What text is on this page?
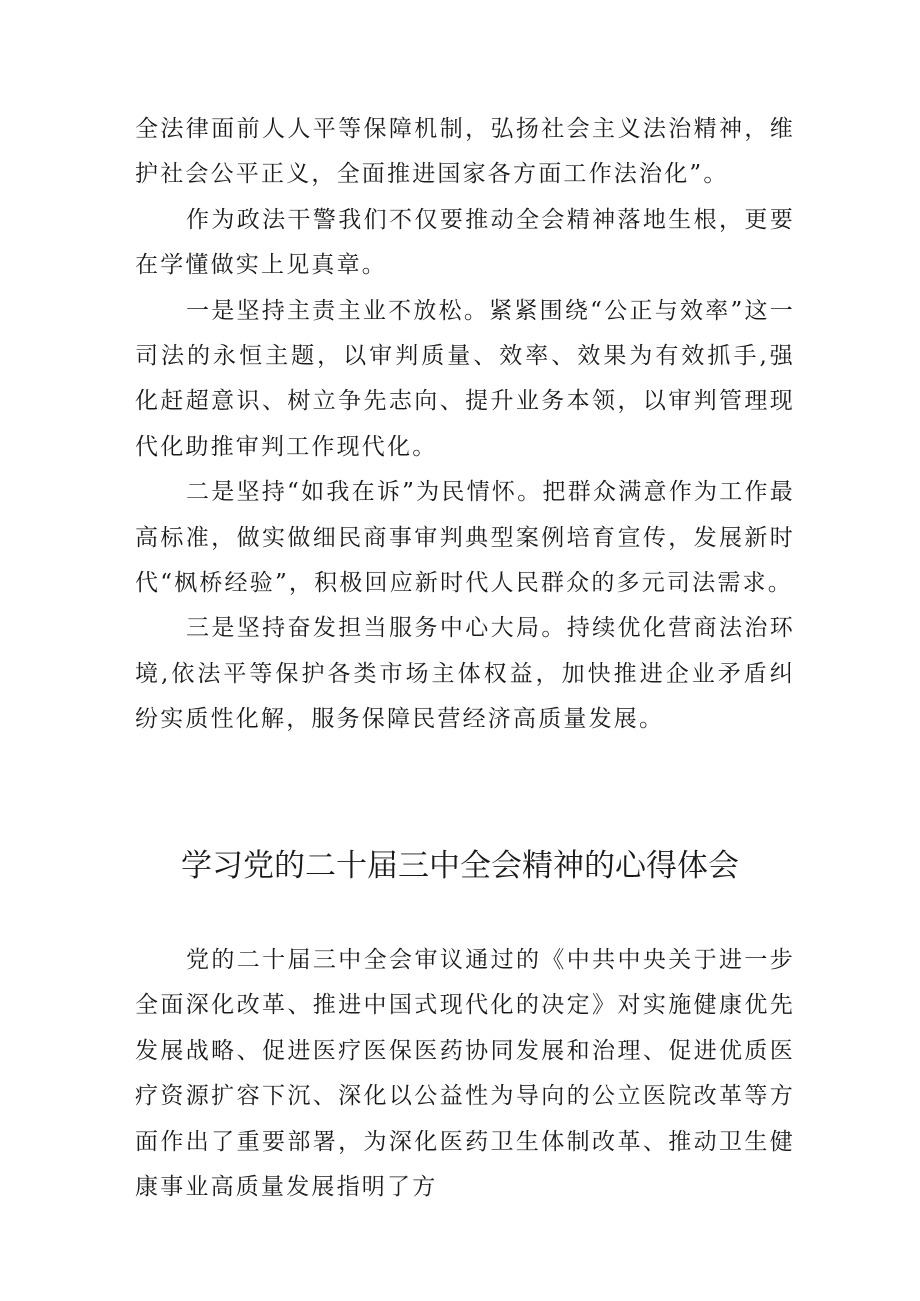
全法律面前人人平等保障机制，弘扬社会主义法治精神，维护社会公平正义，全面推进国家各方面工作法治化”。

作为政法干警我们不仅要推动全会精神落地生根，更要在学懂做实上见真章。

一是坚持主责主业不放松。紧紧围绕“公正与效率”这一司法的永恒主题，以审判质量、效率、效果为有效抓手,强化赶超意识、树立争先志向、提升业务本领，以审判管理现代化助推审判工作现代化。

二是坚持“如我在诉”为民情怀。把群众满意作为工作最高标准，做实做细民商事审判典型案例培育宣传，发展新时代“枫桥经验”，积极回应新时代人民群众的多元司法需求。

三是坚持奋发担当服务中心大局。持续优化营商法治环境,依法平等保护各类市场主体权益，加快推进企业矛盾纠纷实质性化解，服务保障民营经济高质量发展。

学习党的二十届三中全会精神的心得体会

党的二十届三中全会审议通过的《中共中央关于进一步全面深化改革、推进中国式现代化的决定》对实施健康优先发展战略、促进医疗医保医药协同发展和治理、促进优质医疗资源扩容下沉、深化以公益性为导向的公立医院改革等方面作出了重要部署，为深化医药卫生体制改革、推动卫生健康事业高质量发展指明了方
